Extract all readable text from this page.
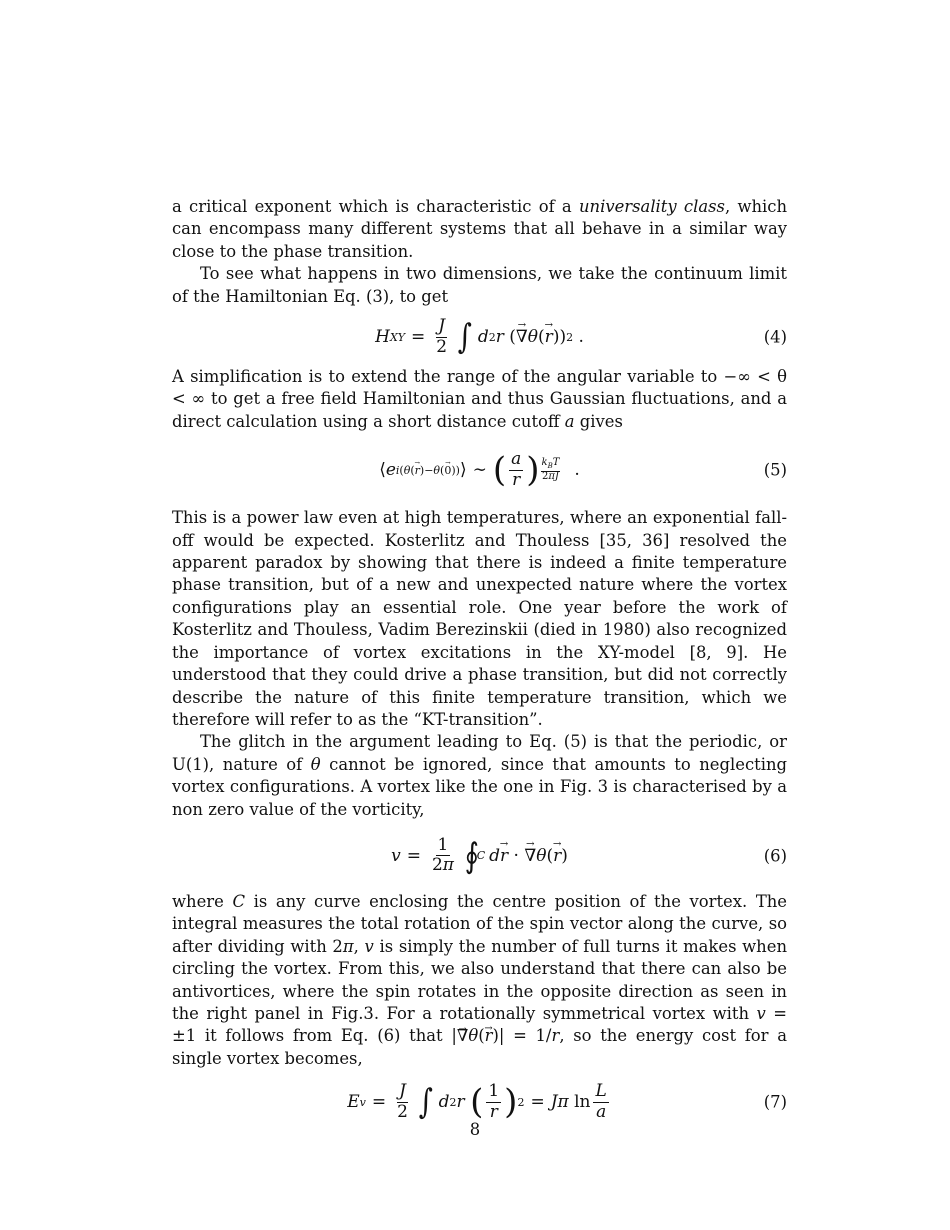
a critical exponent which is characteristic of a universality class, which can encompass many different systems that all behave in a similar way close to the phase transition.

To see what happens in two dimensions, we take the continuum limit of the Hamiltonian Eq. (3), to get

H XY = $\frac{J}{2}$ ∫ d 2 r ( ∇ → θ ( r → )) 2 .	(4)

A simplification is to extend the range of the angular variable to −∞ < θ < ∞ to get a free field Hamiltonian and thus Gaussian fluctuations, and a direct calculation using a short distance cutoff a gives

⟨ e i(θ(r →)−θ(0 →)) ⟩ ∼ ( $\frac{a}{r}$ ) $\frac{k_BT}{2\pi J}$ .	(5)

This is a power law even at high temperatures, where an exponential fall-off would be expected. Kosterlitz and Thouless [35, 36] resolved the apparent paradox by showing that there is indeed a finite temperature phase transition, but of a new and unexpected nature where the vortex configurations play an essential role. One year before the work of Kosterlitz and Thouless, Vadim Berezinskii (died in 1980) also recognized the importance of vortex excitations in the XY-model [8, 9]. He understood that they could drive a phase transition, but did not correctly describe the nature of this finite temperature transition, which we therefore will refer to as the “KT-transition”.

The glitch in the argument leading to Eq. (5) is that the periodic, or U(1), nature of θ cannot be ignored, since that amounts to neglecting vortex configurations. A vortex like the one in Fig. 3 is characterised by a non zero value of the vorticity,

$v = \frac{1}{2\pi}$ ∮
C d r → · ∇ → θ ( r → )	(6)

where C is any curve enclosing the centre position of the vortex. The integral measures the total rotation of the spin vector along the curve, so after dividing with 2π, v is simply the number of full turns it makes when circling the vortex. From this, we also understand that there can also be antivortices, where the spin rotates in the opposite direction as seen in the right panel in Fig.3. For a rotationally symmetrical vortex with v = ±1 it follows from Eq. (6) that |∇ →θ(r →)| = 1/r, so the energy cost for a single vortex becomes,

E $v = \frac{J}{2}$ ∫ d 2 r
( $\frac{1}{r}$ ) 2 = Jπ $\ln \frac{L}{a}$	(7)
8
